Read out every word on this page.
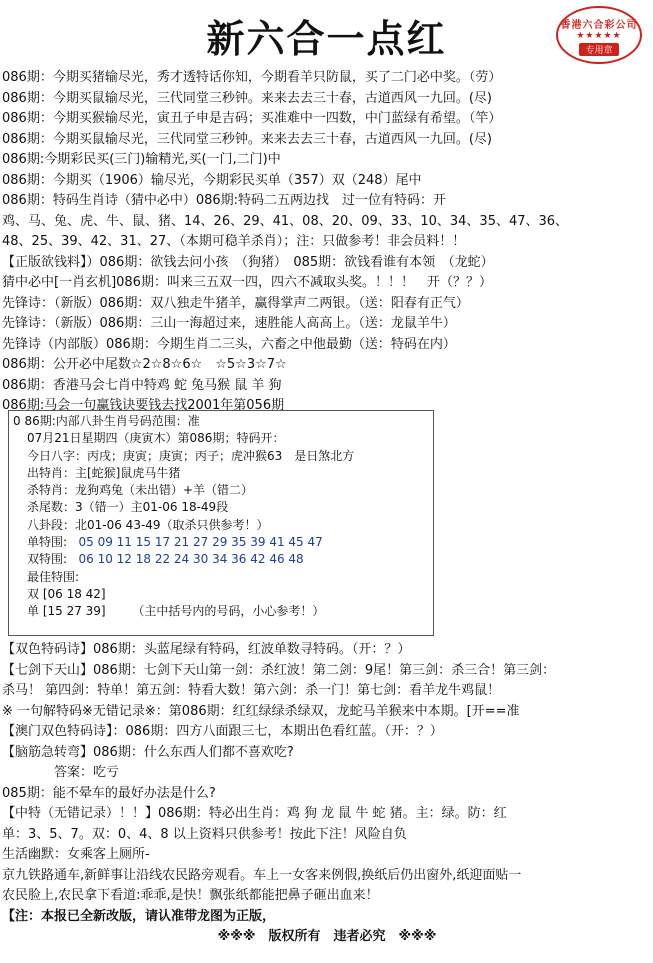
新六合一点红	香港六合彩公司
★★★★★
专用章
086期：今期买猪输尽光，秀才透特话你知，今期看羊只防鼠，买了二门必中奖。（劳）
086期：今期买鼠输尽光，三代同堂三秒钟。来来去去三十春，古道西风一九回。(尽)
086期：今期买猴输尽光，寅丑子申是吉码；买准难中一四数，中门蓝绿有希望。（竿）
086期：今期买鼠输尽光，三代同堂三秒钟。来来去去三十春，古道西风一九回。(尽)
086期:今期彩民买(三门)输精光,买(一门,二门)中
086期：今期买（1906）输尽光，今期彩民买单（357）双（248）尾中
086期：特码生肖诗（猜中必中）086期:特码二五两边找　过一位有特码：开
鸡、马、兔、虎、牛、鼠、猪、14、26、29、41、08、20、09、33、10、34、35、47、36、
48、25、39、42、31、27、（本期可稳羊杀肖）；注：只做参考！非会员料！！
【正版欲钱料】）086期：欲钱去问小孩　（狗猪）　085期：欲钱看谁有本领　（龙蛇）
猜中必中[一肖玄机]086期：叫来三五双一四，四六不减取头奖。！！！　开（？？）
先锋诗：（新版）086期：双八独走牛猪羊，赢得掌声二两银。（送：阳春有正气）
先锋诗：（新版）086期：三山一海超过来，速胜能人高高上。（送：龙鼠羊牛）
先锋诗（内部版）086期：今期生肖二三头，六畜之中他最勤（送：特码在内）
086期：公开必中尾数☆2☆8☆6☆　☆5☆3☆7☆
086期：香港马会七肖中特鸡 蛇 兔马猴 鼠 羊 狗
086期:马会一句赢钱诀要钱去找2001年第056期
0 86期:内部八卦生肖号码范围：准
07月21日星期四（庚寅木）第086期；特码开：
今日八字：丙戌；庚寅；庚寅；丙子；虎冲猴63　是日煞北方
出特肖：主[蛇猴]鼠虎马牛猪
杀特肖：龙狗鸡兔（未出错）+羊（错二）
杀尾数：3（错一）主01-06 18-49段
八卦段：北01-06 43-49（取杀只供参考！）
单特围: 05 09 11 15 17 21 27 29 35 39 41 45 47
双特围: 06 10 12 18 22 24 30 34 36 42 46 48
最佳特围:
双 [06 18 42]
单 [15 27 39] （主中括号内的号码，小心参考！）
【双色特码诗】086期：头蓝尾绿有特码，红波单数寻特码。（开：？）
【七剑下天山】086期：七剑下天山第一剑：杀红波！第二剑：9尾！第三剑：杀三合！第三剑：
杀马！ 第四剑：特单！第五剑：特看大数！第六剑：杀一门！第七剑：看羊龙牛鸡鼠！
※ 一句解特码※无错记录※：第086期：红红绿绿杀绿双，龙蛇马羊猴来中本期。[开==准
【澳门双色特码诗】：086期：四方八面跟三七，本期出色看红蓝。（开：？）
【脑筋急转弯】086期：什么东西人们都不喜欢吃?
　　　　答案：吃亏
085期：能不晕车的最好办法是什么?
【中特（无错记录）！！】086期：特必出生肖：鸡 狗 龙 鼠 牛 蛇 猪。主：绿。防：红
单：3、5、7。双：0、4、8 以上资料只供参考！按此下注！风险自负
生活幽默：女乘客上厕所-
京九铁路通车,新鲜事让沿线农民路旁观看。车上一女客来例假,换纸后仍出窗外,纸迎面贴一
农民脸上,农民拿下看道:乖乖,是快！飘张纸都能把鼻子砸出血来！
【注：本报已全新改版，请认准带龙图为正版，
※※※　版权所有　违者必究　※※※
